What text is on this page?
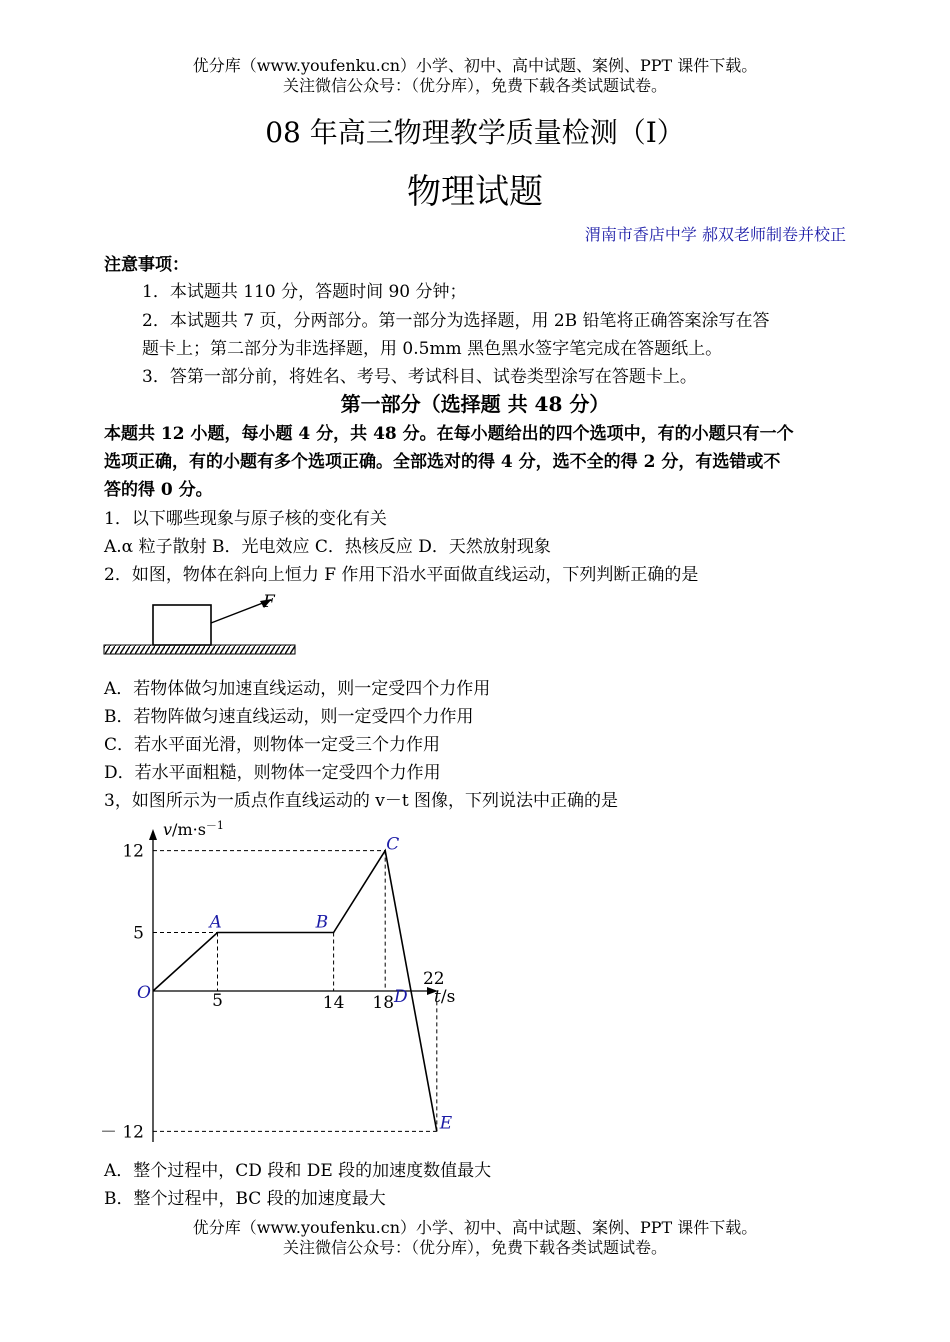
优分库（www.youfenku.cn）小学、初中、高中试题、案例、PPT 课件下载。
关注微信公众号：（优分库），免费下载各类试题试卷。
08 年高三物理教学质量检测（Ⅰ）
物理试题
渭南市香店中学 郝双老师制卷并校正
注意事项：
1．本试题共 110 分，答题时间 90 分钟；
2．本试题共 7 页，分两部分。第一部分为选择题，用 2B 铅笔将正确答案涂写在答
题卡上；第二部分为非选择题，用 0.5mm 黑色黑水签字笔完成在答题纸上。
3．答第一部分前，将姓名、考号、考试科目、试卷类型涂写在答题卡上。
第一部分（选择题 共 48 分）
本题共 12 小题，每小题 4 分，共 48 分。在每小题给出的四个选项中，有的小题只有一个
选项正确，有的小题有多个选项正确。全部选对的得 4 分，选不全的得 2 分，有选错或不
答的得 0 分。
1．以下哪些现象与原子核的变化有关
A.α 粒子散射 B．光电效应 C．热核反应 D．天然放射现象
2．如图，物体在斜向上恒力 F 作用下沿水平面做直线运动，下列判断正确的是
F
A．若物体做匀加速直线运动，则一定受四个力作用
B．若物阵做匀速直线运动，则一定受四个力作用
C．若水平面光滑，则物体一定受三个力作用
D．若水平面粗糙，则物体一定受四个力作用
3，如图所示为一质点作直线运动的 v－t 图像，下列说法中正确的是
$v/m\cdot s^{-1}$
t/s
5	14 18
22
12
5
－ 12
O
A	B
C
D
E
A．整个过程中，CD 段和 DE 段的加速度数值最大
B．整个过程中，BC 段的加速度最大
优分库（www.youfenku.cn）小学、初中、高中试题、案例、PPT 课件下载。
关注微信公众号：（优分库），免费下载各类试题试卷。
